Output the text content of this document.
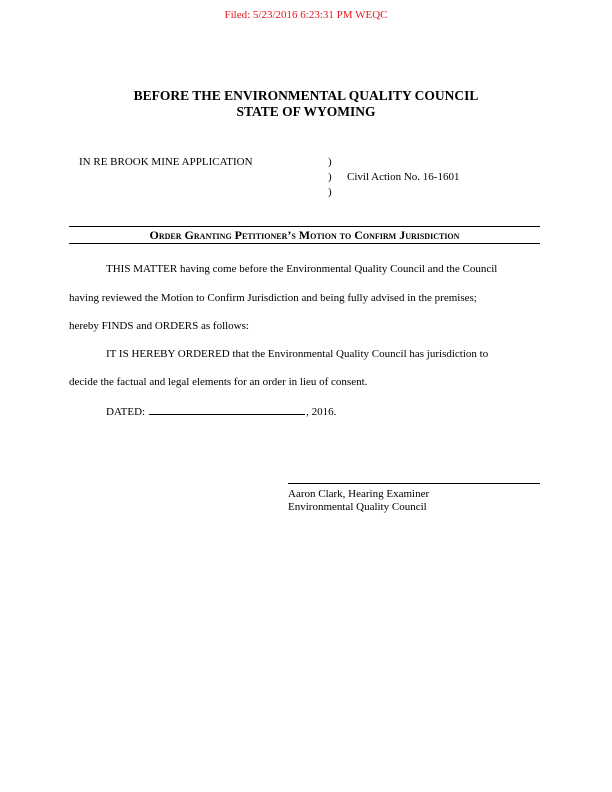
Filed: 5/23/2016 6:23:31 PM WEQC
BEFORE THE ENVIRONMENTAL QUALITY COUNCIL
STATE OF WYOMING
IN RE BROOK MINE APPLICATION	)
)
)
Civil Action No. 16-1601
Order Granting Petitioner’s Motion to Confirm Jurisdiction
THIS MATTER having come before the Environmental Quality Council and the Council
having reviewed the Motion to Confirm Jurisdiction and being fully advised in the premises;
hereby FINDS and ORDERS as follows:
IT IS HEREBY ORDERED that the Environmental Quality Council has jurisdiction to
decide the factual and legal elements for an order in lieu of consent.
DATED:	, 2016.
Aaron Clark, Hearing Examiner
Environmental Quality Council
